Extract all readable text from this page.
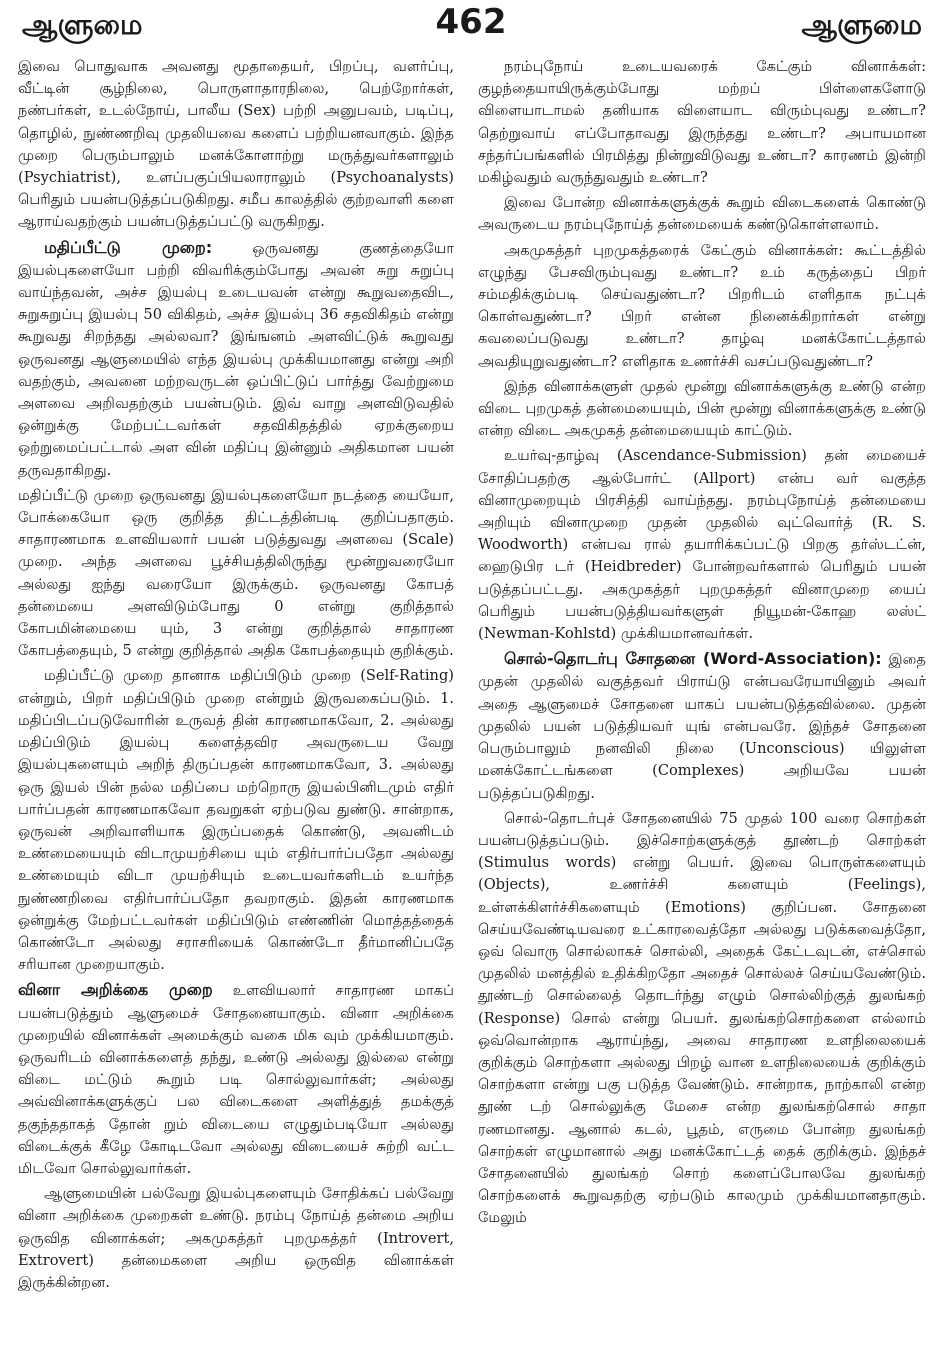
ஆளுமை	462	ஆளுமை

இவை பொதுவாக அவனது மூதாதையர், பிறப்பு, வளர்ப்பு, வீட்டின் சூழ்நிலை, பொருளாதாரநிலை, பெற்றோர்கள், நண்பர்கள், உடல்நோய், பாலீய (Sex) பற்றி அனுபவம், படிப்பு, தொழில், நுண்ணறிவு முதலியவை களைப் பற்றியனவாகும். இந்த முறை பெரும்பாலும் மனக்கோளாற்று மருத்துவர்களாலும் (Psychiatrist), உளப்பகுப்பியலாராலும் (Psychoanalysts) பெரிதும் பயன்படுத்தப்படுகிறது. சமீப காலத்தில் குற்றவாளி களை ஆராய்வதற்கும் பயன்படுத்தப்பட்டு வருகிறது.

மதிப்பீட்டு முறை: ஒருவனது குணத்தையோ இயல்புகளையோ பற்றி விவரிக்கும்போது அவன் சுறு சுறுப்பு வாய்ந்தவன், அச்ச இயல்பு உடையவன் என்று கூறுவதைவிட, சுறுசுறுப்பு இயல்பு 50 விகிதம், அச்ச இயல்பு 36 சதவிகிதம் என்று கூறுவது சிறந்தது அல்லவா? இங்ஙனம் அளவிட்டுக் கூறுவது ஒருவனது ஆளுமையில் எந்த இயல்பு முக்கியமானது என்று அறி வதற்கும், அவனை மற்றவருடன் ஒப்பிட்டுப் பார்த்து வேற்றுமை அளவை அறிவதற்கும் பயன்படும். இவ் வாறு அளவிடுவதில் ஒன்றுக்கு மேற்பட்டவர்கள் சதவிகிதத்தில் ஏறக்குறைய ஒற்றுமைப்பட்டால் அள வின் மதிப்பு இன்னும் அதிகமான பயன் தருவதாகிறது.

மதிப்பீட்டு முறை ஒருவனது இயல்புகளையோ நடத்தை யையோ, போக்கையோ ஒரு குறித்த திட்டத்தின்படி குறிப்பதாகும். சாதாரணமாக உளவியலார் பயன் படுத்துவது அளவை (Scale) முறை. அந்த அளவை பூச்சியத்திலிருந்து மூன்றுவரையோ அல்லது ஐந்து வரையோ இருக்கும். ஒருவனது கோபத் தன்மையை அளவிடும்போது 0 என்று குறித்தால் கோபமின்மையை யும், 3 என்று குறித்தால் சாதாரண கோபத்தையும், 5 என்று குறித்தால் அதிக கோபத்தையும் குறிக்கும்.

மதிப்பீட்டு முறை தானாக மதிப்பிடும் முறை (Self-Rating) என்றும், பிறர் மதிப்பிடும் முறை என்றும் இருவகைப்படும். 1. மதிப்பிடப்படுவோரின் உருவத் தின் காரணமாகவோ, 2. அல்லது மதிப்பிடும் இயல்பு களைத்தவிர அவருடைய வேறு இயல்புகளையும் அறிந் திருப்பதன் காரணமாகவோ, 3. அல்லது ஒரு இயல் பின் நல்ல மதிப்பை மற்றொரு இயல்பினிடமும் எதிர் பார்ப்பதன் காரணமாகவோ தவறுகள் ஏற்படுவ துண்டு. சான்றாக, ஒருவன் அறிவாளியாக இருப்பதைக் கொண்டு, அவனிடம் உண்மையையும் விடாமுயற்சியை யும் எதிர்பார்ப்பதோ அல்லது உண்மையும் விடா முயற்சியும் உடையவர்களிடம் உயர்ந்த நுண்ணறிவை எதிர்பார்ப்பதோ தவறாகும். இதன் காரணமாக ஒன்றுக்கு மேற்பட்டவர்கள் மதிப்பிடும் எண்ணின் மொத்தத்தைக் கொண்டோ அல்லது சராசரியைக் கொண்டோ தீர்மானிப்பதே சரியான முறையாகும்.

வினா அறிக்கை முறை உளவியலார் சாதாரண மாகப் பயன்படுத்தும் ஆளுமைச் சோதனையாகும். வினா அறிக்கை முறையில் வினாக்கள் அமைக்கும் வகை மிக வும் முக்கியமாகும். ஒருவரிடம் வினாக்களைத் தந்து, உண்டு அல்லது இல்லை என்று விடை மட்டும் கூறும் படி சொல்லுவார்கள்; அல்லது அவ்வினாக்களுக்குப் பல விடைகளை அளித்துத் தமக்குத் தகுந்ததாகத் தோன் றும் விடையை எழுதும்படியோ அல்லது விடைக்குக் கீழே கோடிடவோ அல்லது விடையைச் சுற்றி வட்ட மிடவோ சொல்லுவார்கள்.

ஆளுமையின் பல்வேறு இயல்புகளையும் சோதிக்கப் பல்வேறு வினா அறிக்கை முறைகள் உண்டு. நரம்பு நோய்த் தன்மை அறிய ஒருவித வினாக்கள்; அகமுகத்தர் புறமுகத்தர் (Introvert, Extrovert) தன்மைகளை அறிய ஒருவித வினாக்கள் இருக்கின்றன.

நரம்புநோய் உடையவரைக் கேட்கும் வினாக்கள்: குழந்தையாயிருக்கும்போது மற்றப் பிள்ளைகளோடு விளையாடாமல் தனியாக விளையாட விரும்புவது உண்டா? தெற்றுவாய் எப்போதாவது இருந்தது உண்டா? அபாயமான சந்தர்ப்பங்களில் பிரமித்து நின்றுவிடுவது உண்டா? காரணம் இன்றி மகிழ்வதும் வருந்துவதும் உண்டா?

இவை போன்ற வினாக்களுக்குக் கூறும் விடைகளைக் கொண்டு அவருடைய நரம்புநோய்த் தன்மையைக் கண்டுகொள்ளலாம்.

அகமுகத்தர் புறமுகத்தரைக் கேட்கும் வினாக்கள்: கூட்டத்தில் எழுந்து பேசவிரும்புவது உண்டா? உம் கருத்தைப் பிறர் சம்மதிக்கும்படி செய்வதுண்டா? பிறரிடம் எளிதாக நட்புக் கொள்வதுண்டா? பிறர் என்ன நினைக்கிறார்கள் என்று கவலைப்படுவது உண்டா? தாழ்வு மனக்கோட்டத்தால் அவதியுறுவதுண்டா? எளிதாக உணர்ச்சி வசப்படுவதுண்டா?

இந்த வினாக்களுள் முதல் மூன்று வினாக்களுக்கு உண்டு என்ற விடை புறமுகத் தன்மையையும், பின் மூன்று வினாக்களுக்கு உண்டு என்ற விடை அகமுகத் தன்மையையும் காட்டும்.

உயர்வு-தாழ்வு (Ascendance-Submission) தன் மையைச் சோதிப்பதற்கு ஆல்போர்ட் (Allport) என்ப வர் வகுத்த வினாமுறையும் பிரசித்தி வாய்ந்தது. நரம்புநோய்த் தன்மையை அறியும் வினாமுறை முதன் முதலில் வுட்வொர்த் (R. S. Woodworth) என்பவ ரால் தயாரிக்கப்பட்டு பிறகு தர்ஸ்டட்ன், ஹைடுபிர டர் (Heidbreder) போன்றவர்களால் பெரிதும் பயன் படுத்தப்பட்டது. அகமுகத்தர் புறமுகத்தர் வினாமுறை யைப் பெரிதும் பயன்படுத்தியவர்களுள் நியூமன்-கோஹ லஸ்ட் (Newman-Kohlstd) முக்கியமானவர்கள்.

சொல்-தொடர்பு சோதனை (Word-Association): இதை முதன் முதலில் வகுத்தவர் பிராய்டு என்பவரேயாயினும் அவர் அதை ஆளுமைச் சோதனை யாகப் பயன்படுத்தவில்லை. முதன் முதலில் பயன் படுத்தியவர் யுங் என்பவரே. இந்தச் சோதனை பெரும்பாலும் நனவிலி நிலை (Unconscious) யிலுள்ள மனக்கோட்டங்களை (Complexes) அறியவே பயன் படுத்தப்படுகிறது.

சொல்-தொடர்புச் சோதனையில் 75 முதல் 100 வரை சொற்கள் பயன்படுத்தப்படும். இச்சொற்களுக்குத் தூண்டற் சொற்கள் (Stimulus words) என்று பெயர். இவை பொருள்களையும் (Objects), உணர்ச்சி களையும் (Feelings), உள்ளக்கிளர்ச்சிகளையும் (Emotions) குறிப்பன. சோதனை செய்யவேண்டியவரை உட்காரவைத்தோ அல்லது படுக்கவைத்தோ, ஒவ் வொரு சொல்லாகச் சொல்லி, அதைக் கேட்டவுடன், எச்சொல் முதலில் மனத்தில் உதிக்கிறதோ அதைச் சொல்லச் செய்யவேண்டும். தூண்டற் சொல்லைத் தொடர்ந்து எழும் சொல்லிற்குத் துலங்கற் (Response) சொல் என்று பெயர். துலங்கற்சொற்களை எல்லாம் ஒவ்வொன்றாக ஆராய்ந்து, அவை சாதாரண உளநிலையைக் குறிக்கும் சொற்களா அல்லது பிறழ் வான உளநிலையைக் குறிக்கும் சொற்களா என்று பகு படுத்த வேண்டும். சான்றாக, நாற்காலி என்ற தூண் டற் சொல்லுக்கு மேசை என்ற துலங்கற்சொல் சாதா ரணமானது. ஆனால் கடல், பூதம், எருமை போன்ற துலங்கற் சொற்கள் எழுமானால் அது மனக்கோட்டத் தைக் குறிக்கும். இந்தச் சோதனையில் துலங்கற் சொற் களைப்போலவே துலங்கற் சொற்களைக் கூறுவதற்கு ஏற்படும் காலமும் முக்கியமானதாகும். மேலும்
